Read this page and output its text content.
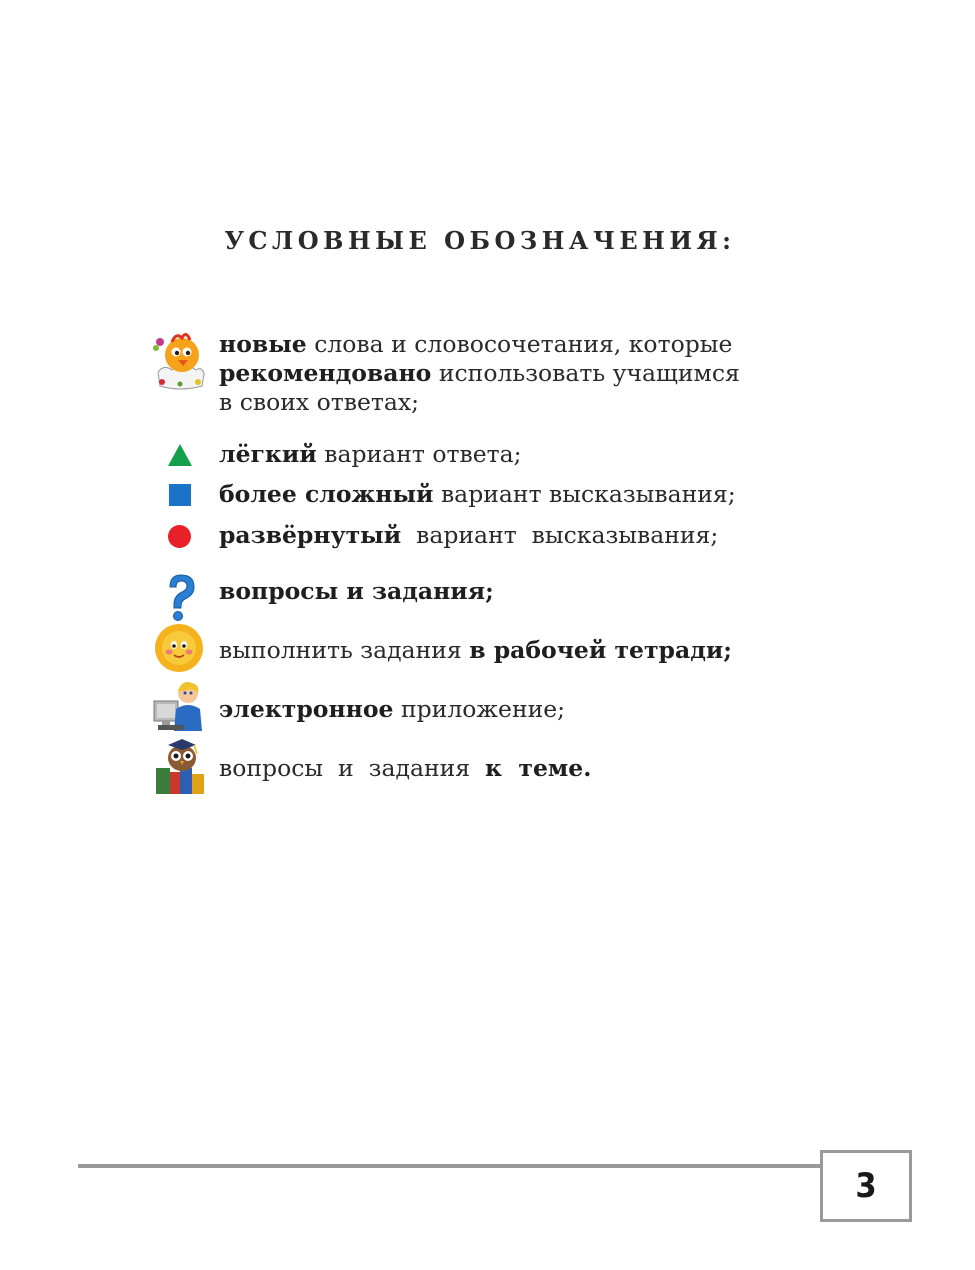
УСЛОВНЫЕ ОБОЗНАЧЕНИЯ:
новые слова и словосочетания, которые
рекомендовано использовать учащимся
в своих ответах;
лёгкий вариант ответа;
более сложный вариант высказывания;
развёрнутый  вариант  высказывания;
вопросы и задания;
выполнить задания в рабочей тетради;
электронное приложение;
вопросы  и  задания  к  теме.
3
